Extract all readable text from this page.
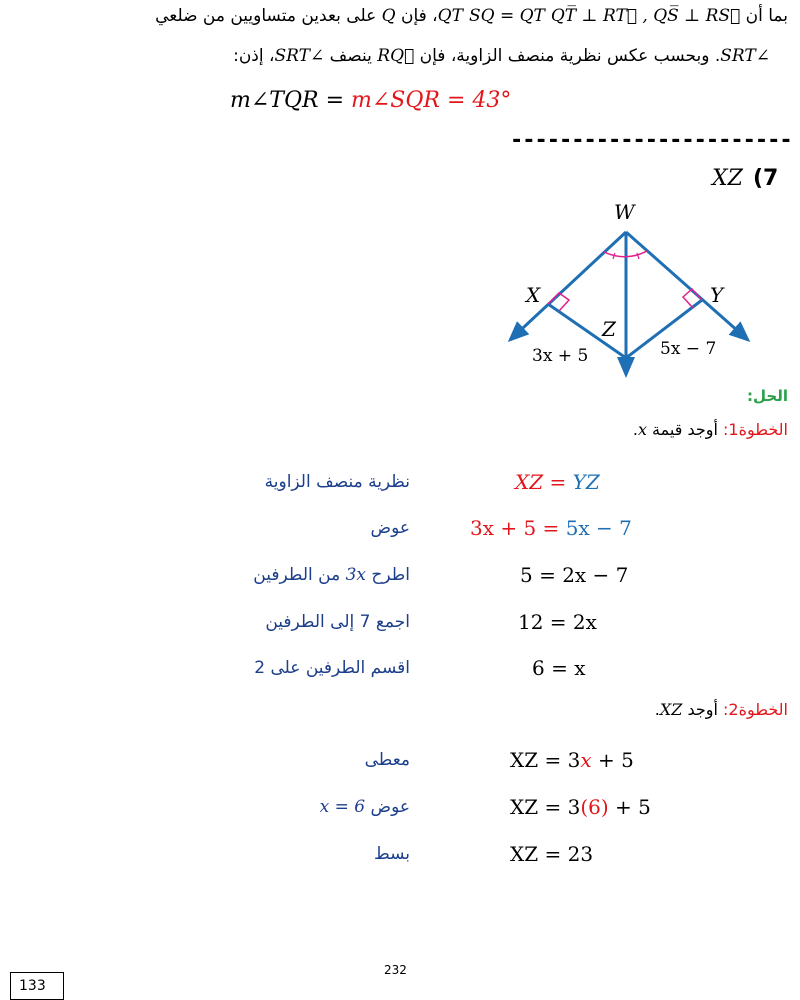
بما أن QT SQ = QT QT̅ ⊥ RT⃗ , QS̅ ⊥ RS⃗، فإن Q على بعدين متساويين من ضلعي
∠SRT. وبحسب عكس نظرية منصف الزاوية، فإن RQ⃗ ينصف ∠SRT، إذن:
m∠TQR = m∠SQR = 43°
-----------------------
XZ (7
W
X	Y
Z
3x + 5	5x − 7
الحل:
الخطوة1: أوجد قيمة x.
XZ = YZ
نظرية منصف الزاوية
3x + 5 = 5x − 7
عوض
5 = 2x − 7
اطرح 3x من الطرفين
12 = 2x
اجمع 7 إلى الطرفين
6 = x
اقسم الطرفين على 2
الخطوة2: أوجد XZ.
XZ = 3x + 5
معطى
XZ = 3(6) + 5
عوض x = 6
XZ = 23
بسط
232
133
